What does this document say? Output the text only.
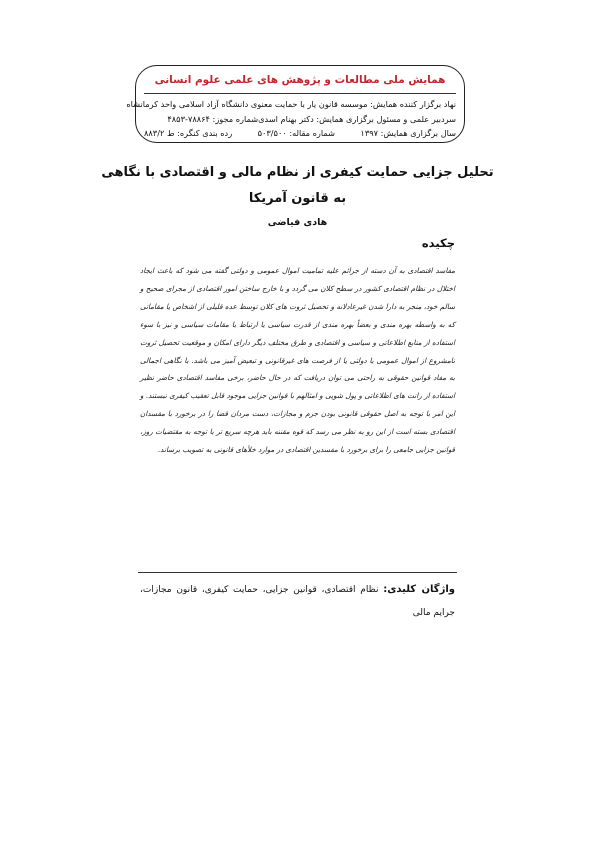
همایش ملی مطالعات و پژوهش های علمی علوم انسانی
نهاد برگزار کننده همایش: موسسه قانون یار با حمایت معنوی دانشگاه آزاد اسلامی واحد کرمانشاه
سردبیر علمی و مسئول برگزاری همایش: دکتر بهنام اسدی
شماره مجوز: ۷۸۸۶۴-۴۸۵۳
سال برگزاری همایش: ۱۳۹۷
شماره مقاله: ۵۰۳/۵۰۰
رده بندی کنگره: ط ۸۸۳/۲
تحلیل جزایی حمایت کیفری از نظام مالی و اقتصادی با نگاهی به قانون آمریکا
هادی فیاضی
چکیده
مفاسد اقتصادی به آن دسته از جرائم علیه تمامیت اموال عمومی و دولتی گفته می شود که باعث ایجاد اختلال در نظام اقتصادی کشور در سطح کلان می گردد و با خارج ساختن امور اقتصادی از مجرای صحیح و سالم خود، منجر به دارا شدن غیرعادلانه و تحصیل ثروت های کلان توسط عده قلیلی از اشخاص یا مقاماتی که به واسطه بهره مندی و بعضاً بهره مندی از قدرت سیاسی یا ارتباط با مقامات سیاسی و نیز با سوء استفاده از منابع اطلاعاتی و سیاسی و اقتصادی و طرق مختلف دیگر دارای امکان و موقعیت تحصیل ثروت نامشروع از اموال عمومی یا دولتی یا از فرصت های غیرقانونی و تبعیض آمیز می باشد. با نگاهی اجمالی به مفاد قوانین حقوقی به راحتی می توان دریافت که در حال حاضر، برخی مفاسد اقتصادی حاضر نظیر استفاده از رانت های اطلاعاتی و پول شویی و امثالهم با قوانین جزایی موجود قابل تعقیب کیفری نیستند. و این امر با توجه به اصل حقوقی قانونی بودن جرم و مجازات، دست مردان قضا را در برخورد با مفسدان اقتصادی بسته است از این رو به نظر می رسد که قوه مقننه باید هرچه سریع تر با توجه به مقتضیات روز، قوانین جزایی جامعی را برای برخورد با مفسدین اقتصادی در موارد خلأهای قانونی به تصویب برساند.
واژگان کلیدی: نظام اقتصادی، قوانین جزایی، حمایت کیفری، قانون مجازات، جرایم مالی
